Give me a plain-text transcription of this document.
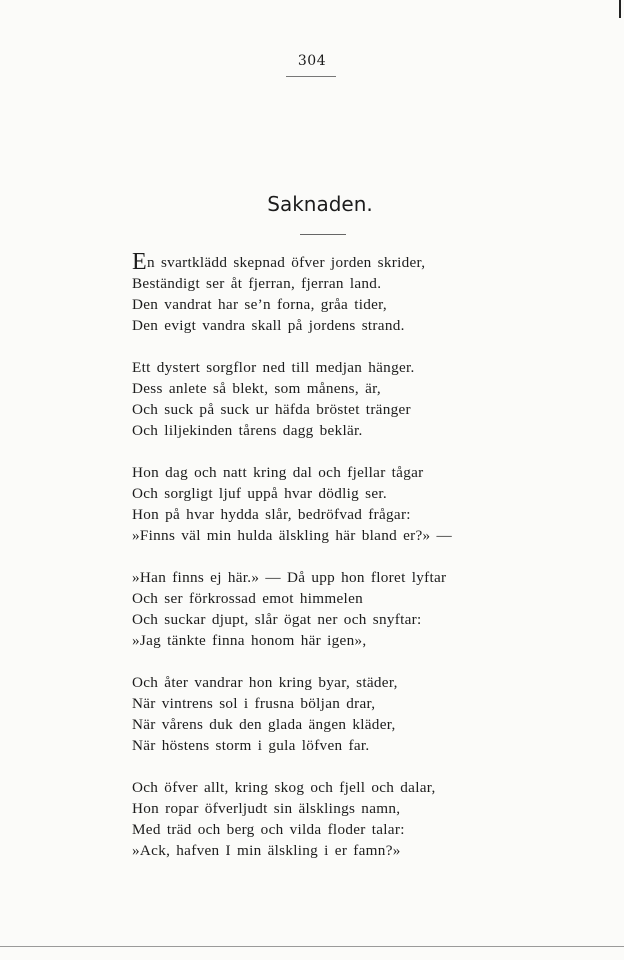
304
Saknaden.
En svartklädd skepnad öfver jorden skrider,
Beständigt ser åt fjerran, fjerran land.
Den vandrat har se’n forna, gråa tider,
Den evigt vandra skall på jordens strand.
Ett dystert sorgflor ned till medjan hänger.
Dess anlete så blekt, som månens, är,
Och suck på suck ur häfda bröstet tränger
Och liljekinden tårens dagg beklär.
Hon dag och natt kring dal och fjellar tågar
Och sorgligt ljuf uppå hvar dödlig ser.
Hon på hvar hydda slår, bedröfvad frågar:
»Finns väl min hulda älskling här bland er?» —
»Han finns ej här.» — Då upp hon floret lyftar
Och ser förkrossad emot himmelen
Och suckar djupt, slår ögat ner och snyftar:
»Jag tänkte finna honom här igen»,
Och åter vandrar hon kring byar, städer,
När vintrens sol i frusna böljan drar,
När vårens duk den glada ängen kläder,
När höstens storm i gula löfven far.
Och öfver allt, kring skog och fjell och dalar,
Hon ropar öfverljudt sin älsklings namn,
Med träd och berg och vilda floder talar:
»Ack, hafven I min älskling i er famn?»
